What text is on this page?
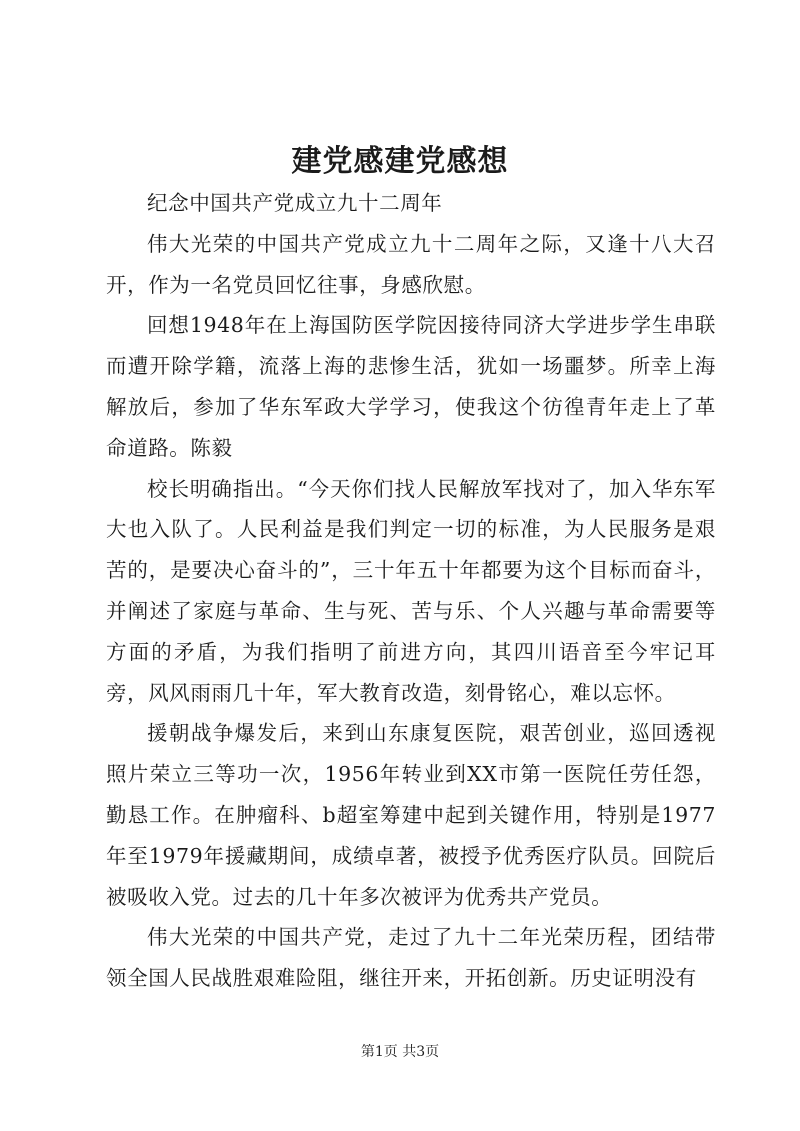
建党感建党感想

纪念中国共产党成立九十二周年

伟大光荣的中国共产党成立九十二周年之际，又逢十八大召开，作为一名党员回忆往事，身感欣慰。

回想1948年在上海国防医学院因接待同济大学进步学生串联而遭开除学籍，流落上海的悲惨生活，犹如一场噩梦。所幸上海解放后，参加了华东军政大学学习，使我这个彷徨青年走上了革命道路。陈毅

校长明确指出。“今天你们找人民解放军找对了，加入华东军大也入队了。人民利益是我们判定一切的标准，为人民服务是艰苦的，是要决心奋斗的”，三十年五十年都要为这个目标而奋斗，并阐述了家庭与革命、生与死、苦与乐、个人兴趣与革命需要等方面的矛盾，为我们指明了前进方向，其四川语音至今牢记耳旁，风风雨雨几十年，军大教育改造，刻骨铭心，难以忘怀。

援朝战争爆发后，来到山东康复医院，艰苦创业，巡回透视照片荣立三等功一次，1956年转业到XX市第一医院任劳任怨，勤恳工作。在肿瘤科、b超室筹建中起到关键作用，特别是1977年至1979年援藏期间，成绩卓著，被授予优秀医疗队员。回院后被吸收入党。过去的几十年多次被评为优秀共产党员。

伟大光荣的中国共产党，走过了九十二年光荣历程，团结带领全国人民战胜艰难险阻，继往开来，开拓创新。历史证明没有

第1页 共3页
